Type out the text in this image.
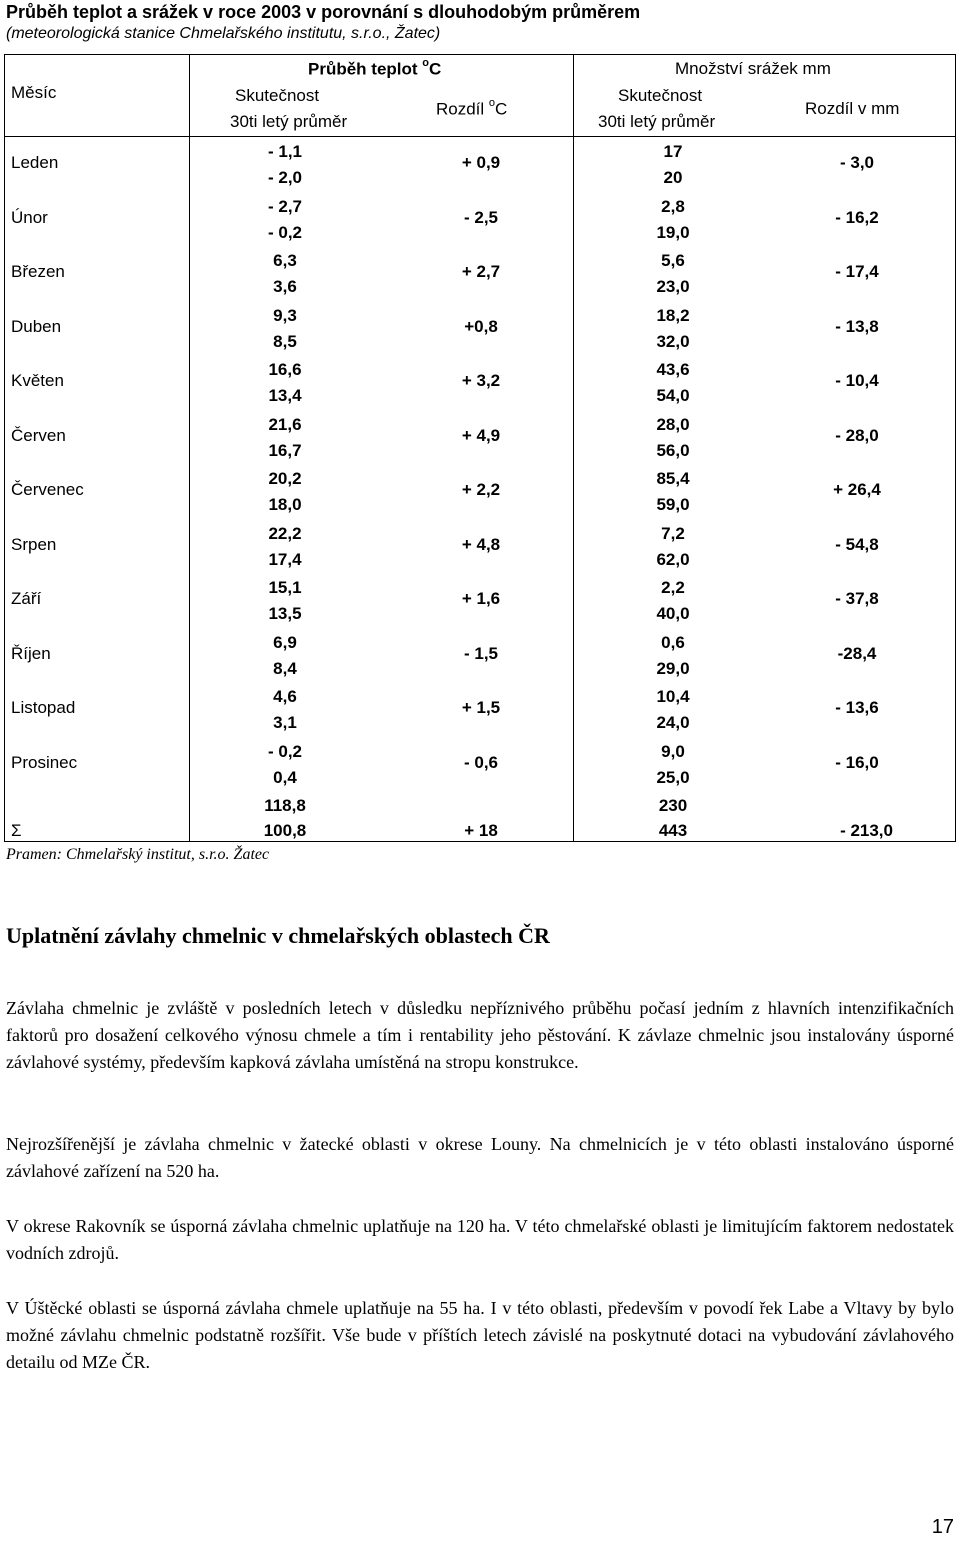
Průběh teplot a srážek v roce 2003 v porovnání s dlouhodobým průměrem
(meteorologická stanice Chmelařského institutu, s.r.o., Žatec)
Měsíc
Průběh teplot $^o$C
Skutečnost
30ti letý průměr
Rozdíl $^o$C
Množství srážek mm
Skutečnost
30ti letý průměr
Rozdíl v mm
Leden
- 1,1
- 2,0
+ 0,9
17
20
- 3,0
Únor
- 2,7
- 0,2
- 2,5
2,8
19,0
- 16,2
Březen
6,3
3,6
+ 2,7
5,6
23,0
- 17,4
Duben
9,3
8,5
+0,8
18,2
32,0
- 13,8
Květen
16,6
13,4
+ 3,2
43,6
54,0
- 10,4
Červen
21,6
16,7
+ 4,9
28,0
56,0
- 28,0
Červenec
20,2
18,0
+ 2,2
85,4
59,0
+ 26,4
Srpen
22,2
17,4
+ 4,8
7,2
62,0
- 54,8
Září
15,1
13,5
+ 1,6
2,2
40,0
- 37,8
Říjen
6,9
8,4
- 1,5
0,6
29,0
-28,4
Listopad
4,6
3,1
+ 1,5
10,4
24,0
- 13,6
Prosinec
- 0,2
0,4
- 0,6
9,0
25,0
- 16,0
Σ
118,8
100,8	+ 18
230
443	- 213,0
Pramen: Chmelařský institut, s.r.o. Žatec
Uplatnění závlahy chmelnic v chmelařských oblastech ČR
Závlaha chmelnic je zvláště v posledních letech v důsledku nepříznivého průběhu počasí jedním z hlavních intenzifikačních faktorů pro dosažení celkového výnosu chmele a tím i rentability jeho pěstování. K závlaze chmelnic jsou instalovány úsporné závlahové systémy, především kapková závlaha umístěná na stropu konstrukce.
Nejrozšířenější je závlaha chmelnic v žatecké oblasti v okrese Louny. Na chmelnicích je v této oblasti instalováno úsporné závlahové zařízení na 520 ha.
V okrese Rakovník se úsporná závlaha chmelnic uplatňuje na 120 ha. V této chmelařské oblasti je limitujícím faktorem nedostatek vodních zdrojů.
V Úštěcké oblasti se úsporná závlaha chmele uplatňuje na 55 ha. I v této oblasti, především v povodí řek Labe a Vltavy by bylo možné závlahu chmelnic podstatně rozšířit. Vše bude v příštích letech závislé na poskytnuté dotaci na vybudování závlahového detailu od MZe ČR.
17
